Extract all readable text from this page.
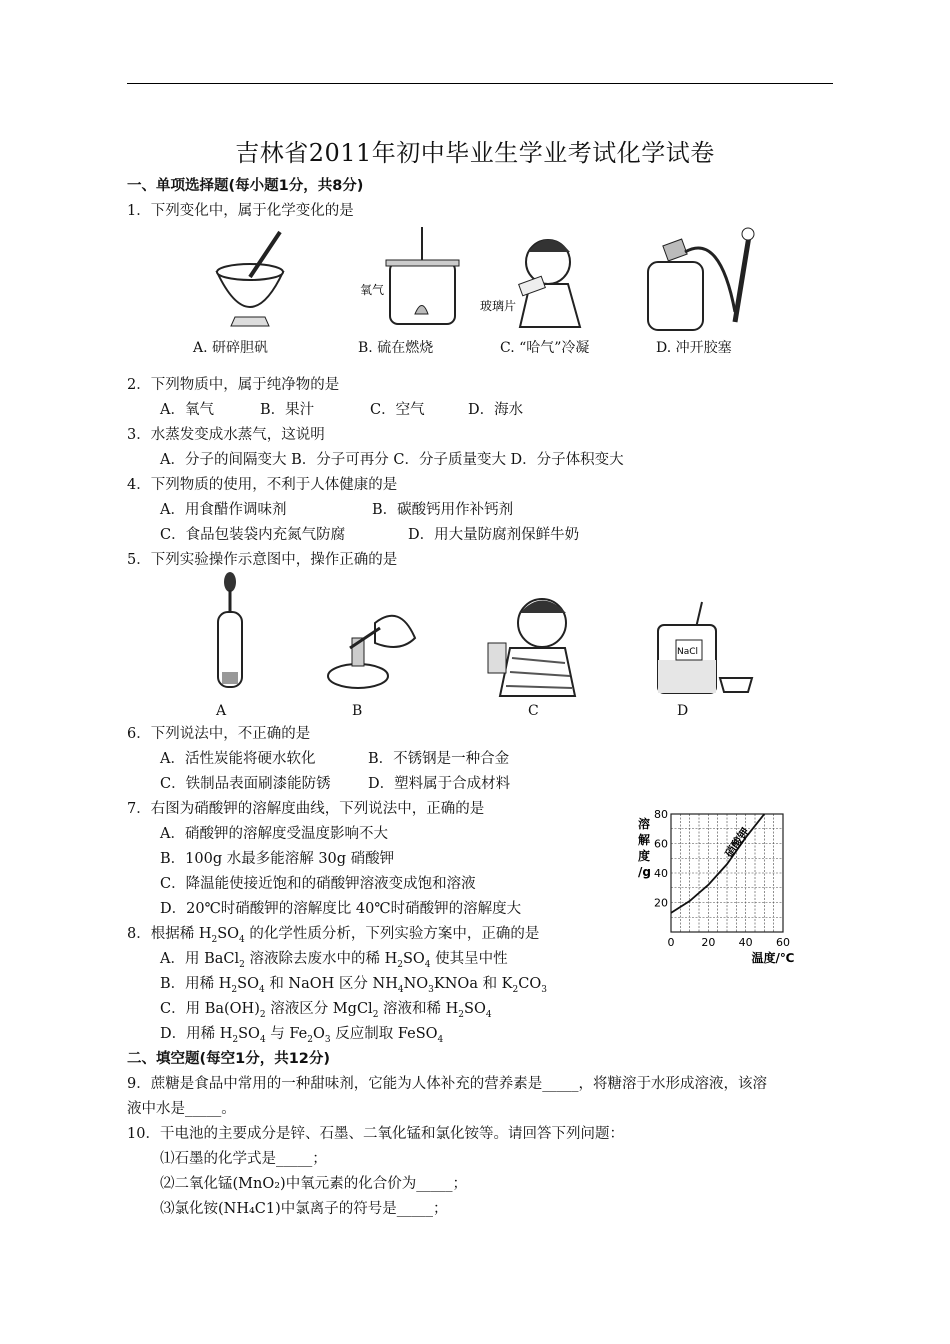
吉林省2011年初中毕业生学业考试化学试卷
一、单项选择题(每小题1分，共8分)
1．下列变化中，属于化学变化的是
氧气
玻璃片
A. 研碎胆矾	B. 硫在燃烧	C. “哈气”冷凝	D. 冲开胶塞
2．下列物质中，属于纯净物的是
A．氧气	B．果汁	C．空气	D．海水
3．水蒸发变成水蒸气，这说明
A．分子的间隔变大 B．分子可再分 C．分子质量变大 D．分子体积变大
4．下列物质的使用，不利于人体健康的是
A．用食醋作调味剂	B．碳酸钙用作补钙剂
C．食品包装袋内充氮气防腐	D．用大量防腐剂保鲜牛奶
5．下列实验操作示意图中，操作正确的是
NaCl
A	B	C	D
6．下列说法中，不正确的是
A．活性炭能将硬水软化	B．不锈钢是一种合金
C．铁制品表面刷漆能防锈	D．塑料属于合成材料
7．右图为硝酸钾的溶解度曲线，下列说法中，正确的是
A．硝酸钾的溶解度受温度影响不大
B．100g 水最多能溶解 30g 硝酸钾
C．降温能使接近饱和的硝酸钾溶液变成饱和溶液
D．20℃时硝酸钾的溶解度比 40℃时硝酸钾的溶解度大
0 20 40 60
20
40
60
80
温度/℃
溶
解
度
/g
硝酸钾
8．根据稀 $H_2SO_4$ 的化学性质分析，下列实验方案中，正确的是
A．用 BaCl$_2$ 溶液除去废水中的稀 $H_2SO_4$ 使其呈中性
B．用稀 $H_2SO_4$ 和 NaOH 区分 $NH_4NO_3KNOa$ 和 $K_2CO_3$
C．用 $Ba(OH)_2$ 溶液区分 MgCl$_2$ 溶液和稀 $H_2SO_4$
D．用稀 $H_2SO_4$ 与 $Fe_2O_3$ 反应制取 FeSO$_4$
二、填空题(每空1分，共12分)
9．蔗糖是食品中常用的一种甜味剂，它能为人体补充的营养素是_____，将糖溶于水形成溶液，该溶
液中水是_____。
10．干电池的主要成分是锌、石墨、二氧化锰和氯化铵等。请回答下列问题：
⑴石墨的化学式是_____；
⑵二氧化锰(MnO₂)中氧元素的化合价为_____；
⑶氯化铵(NH₄C1)中氯离子的符号是_____；
